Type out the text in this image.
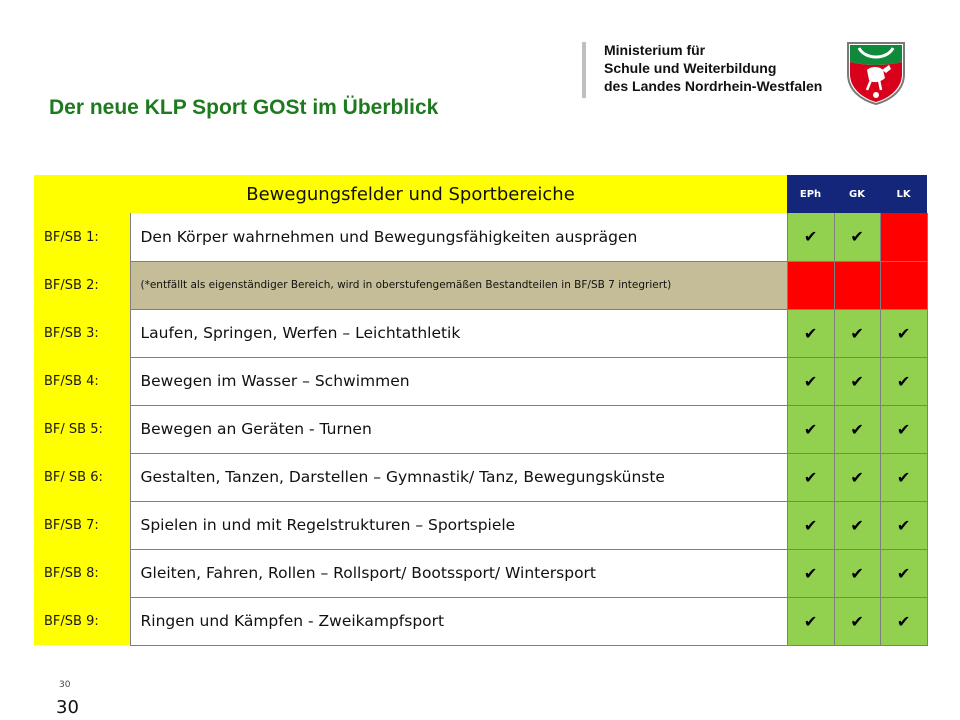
Ministerium für
Schule und Weiterbildung
des Landes Nordrhein-Westfalen
Der neue KLP Sport GOSt im Überblick
Bewegungsfelder und Sportbereiche		EPh	GK	LK
BF/SB 1:	Den Körper wahrnehmen und Bewegungsfähigkeiten ausprägen	✔	✔	
BF/SB 2:	(*entfällt als eigenständiger Bereich, wird in oberstufengemäßen Bestandteilen in BF/SB 7 integriert)			
BF/SB 3:	Laufen, Springen, Werfen – Leichtathletik	✔	✔	✔
BF/SB 4:	Bewegen im Wasser – Schwimmen	✔	✔	✔
BF/ SB 5:	Bewegen an Geräten - Turnen	✔	✔	✔
BF/ SB 6:	Gestalten, Tanzen, Darstellen – Gymnastik/ Tanz, Bewegungskünste	✔	✔	✔
BF/SB 7:	Spielen in und mit Regelstrukturen – Sportspiele	✔	✔	✔
BF/SB 8:	Gleiten, Fahren, Rollen – Rollsport/ Bootssport/ Wintersport	✔	✔	✔
BF/SB 9:	Ringen und Kämpfen - Zweikampfsport	✔	✔	✔
30
30
